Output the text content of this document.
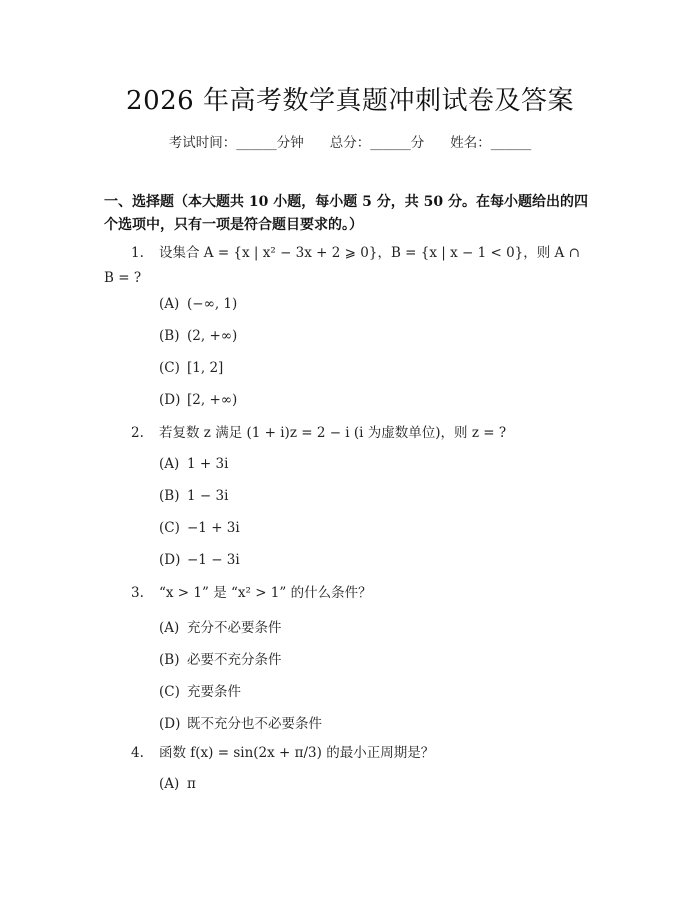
2026 年高考数学真题冲刺试卷及答案
考试时间：______分钟 总分：______分 姓名：______
一、选择题（本大题共 10 小题，每小题 5 分，共 50 分。在每小题给出的四个选项中，只有一项是符合题目要求的。）
1. 设集合 A = {x | x² − 3x + 2 ⩾ 0}，B = {x | x − 1 < 0}，则 A ∩
B = ?
(A) (−∞, 1)
(B) (2, +∞)
(C) [1, 2]
(D) [2, +∞)
2. 若复数 z 满足 (1 + i)z = 2 − i (i 为虚数单位)，则 z = ?
(A) 1 + 3i
(B) 1 − 3i
(C) −1 + 3i
(D) −1 − 3i
3. “x > 1” 是 “x² > 1” 的什么条件？
(A) 充分不必要条件
(B) 必要不充分条件
(C) 充要条件
(D) 既不充分也不必要条件
4. 函数 f(x) = sin(2x + π/3) 的最小正周期是？
(A) π
